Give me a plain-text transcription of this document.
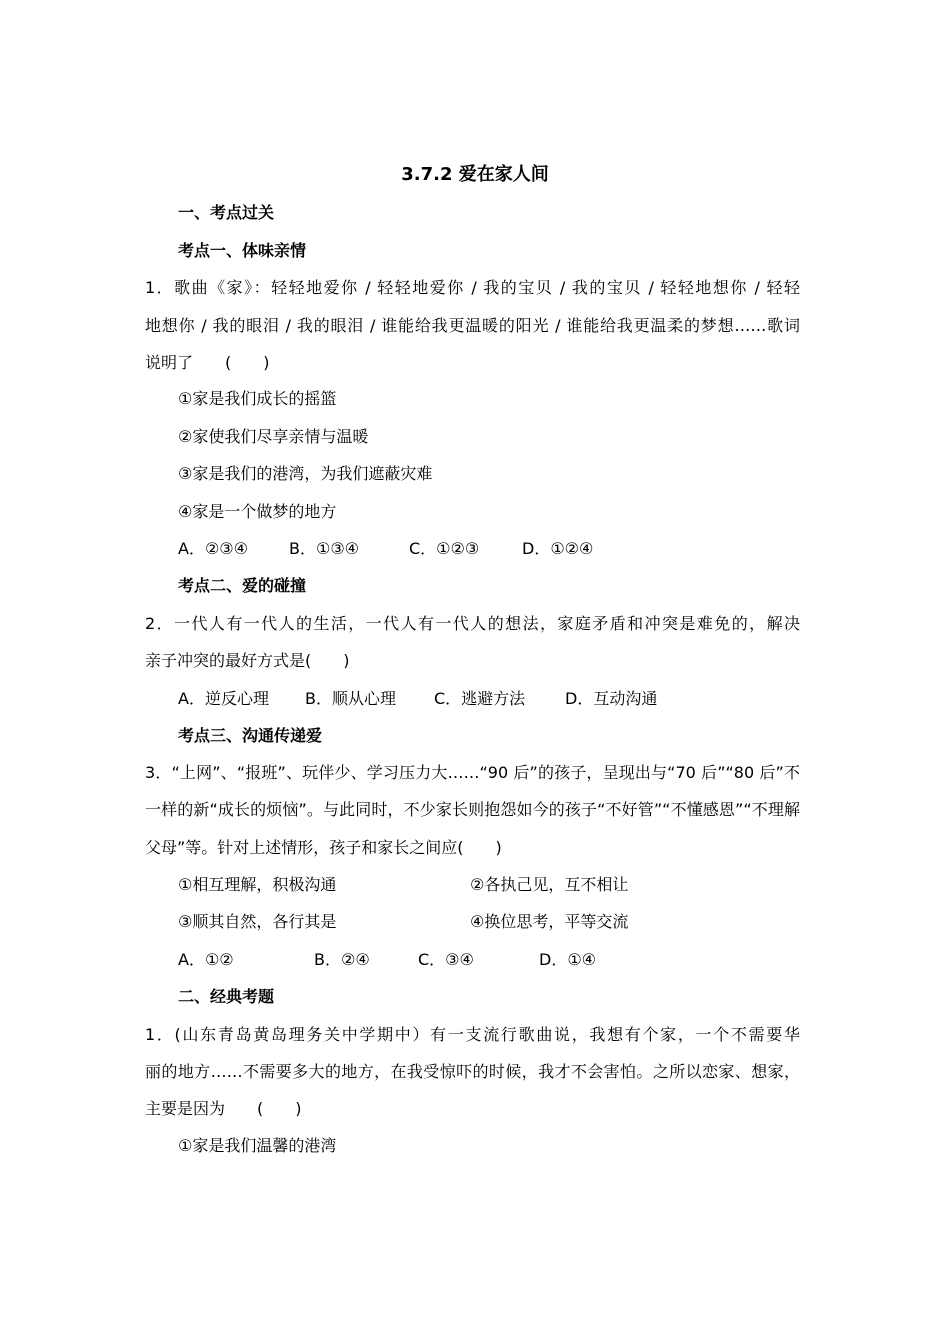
3.7.2 爱在家人间
一、考点过关
考点一、体味亲情
1．歌曲《家》：轻轻地爱你 / 轻轻地爱你 / 我的宝贝 / 我的宝贝 / 轻轻地想你 / 轻轻
地想你 / 我的眼泪 / 我的眼泪 / 谁能给我更温暖的阳光 / 谁能给我更温柔的梦想……歌词
说明了　　(　　)
①家是我们成长的摇篮
②家使我们尽享亲情与温暖
③家是我们的港湾，为我们遮蔽灾难
④家是一个做梦的地方
A．②③④	B．①③④	C．①②③	D．①②④
考点二、爱的碰撞
2．一代人有一代人的生活，一代人有一代人的想法，家庭矛盾和冲突是难免的，解决
亲子冲突的最好方式是(　　)
A．逆反心理 B．顺从心理 C．逃避方法 D．互动沟通
考点三、沟通传递爱
3．“上网”、“报班”、玩伴少、学习压力大……“90 后”的孩子，呈现出与“70 后”“80 后”不
一样的新“成长的烦恼”。与此同时，不少家长则抱怨如今的孩子“不好管”“不懂感恩”“不理解
父母”等。针对上述情形，孩子和家长之间应(　　)
①相互理解，积极沟通	②各执己见，互不相让
③顺其自然，各行其是	④换位思考，平等交流
A．①②	B．②④	C．③④	D．①④
二、经典考题
1．(山东青岛黄岛理务关中学期中）有一支流行歌曲说，我想有个家，一个不需要华
丽的地方……不需要多大的地方，在我受惊吓的时候，我才不会害怕。之所以恋家、想家，
主要是因为　　(　　)
①家是我们温馨的港湾
